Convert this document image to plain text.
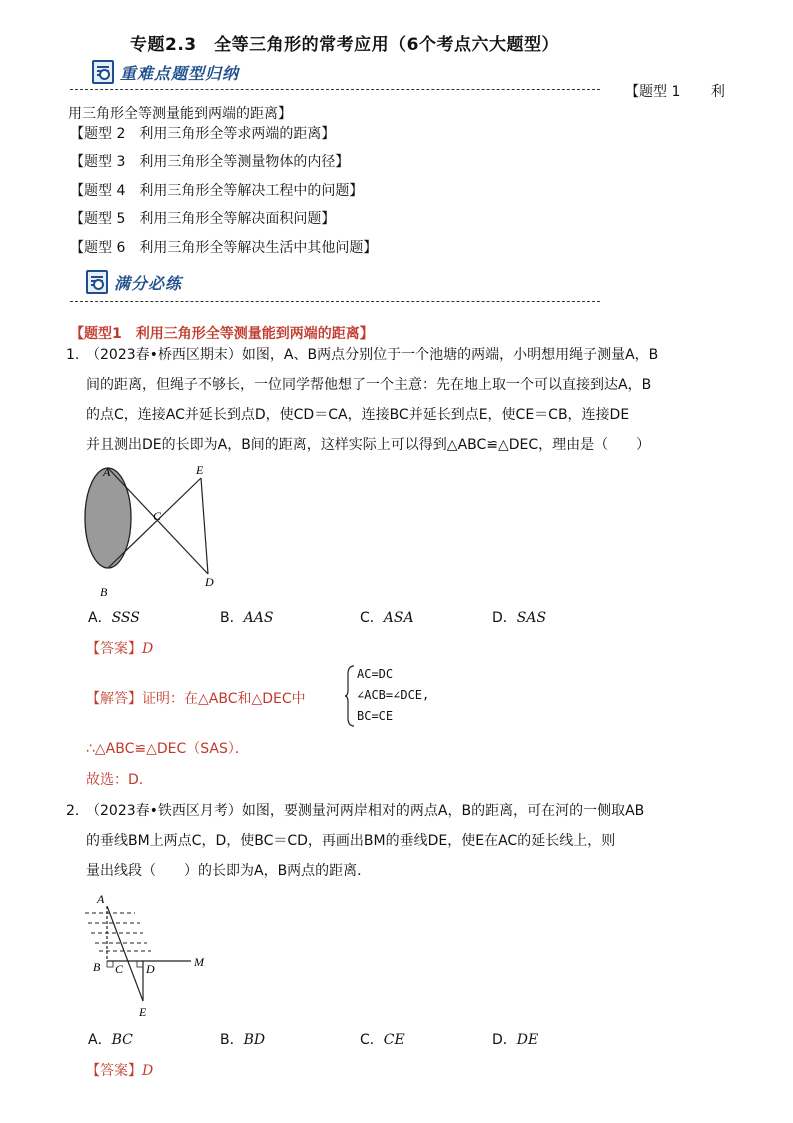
专题2.3　全等三角形的常考应用（6个考点六大题型）
重难点题型归纳
【题型 1 利
用三角形全等测量能到两端的距离】
【题型 2　 利用三角形全等求两端的距离】
【题型 3　 利用三角形全等测量物体的内径】
【题型 4　 利用三角形全等解决工程中的问题】
【题型 5　 利用三角形全等解决面积问题】
【题型 6　 利用三角形全等解决生活中其他问题】
满分必练
【题型1　利用三角形全等测量能到两端的距离】
1. （2023春•桥西区期末）如图，A、B两点分别位于一个池塘的两端，小明想用绳子测量A，B
间的距离，但绳子不够长，一位同学帮他想了一个主意：先在地上取一个可以直接到达A，B
的点C，连接AC并延长到点D，使CD＝CA，连接BC并延长到点E，使CE＝CB，连接DE
并且测出DE的长即为A，B间的距离，这样实际上可以得到△ABC≌△DEC，理由是（　　）
A
B
C
D
E
A．SSS	B．AAS	C．ASA	D．SAS
【答案】D
【解答】证明：在△ABC和△DEC中
AC=DC
∠ACB=∠DCE,
BC=CE
∴△ABC≌△DEC（SAS）．
故选：D.
2. （2023春•铁西区月考）如图，要测量河两岸相对的两点A，B的距离，可在河的一侧取AB
的垂线BM上两点C，D，使BC＝CD，再画出BM的垂线DE，使E在AC的延长线上，则
量出线段（　　）的长即为A，B两点的距离．
A
B C D
E
M
A．BC	B．BD	C．CE	D．DE
【答案】D
